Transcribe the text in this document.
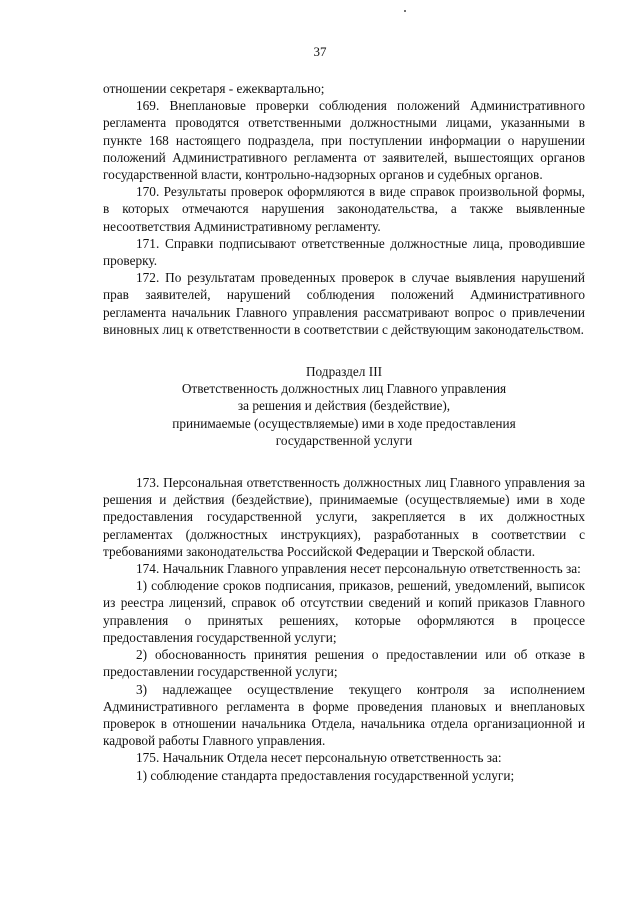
37

отношении секретаря - ежеквартально;

169. Внеплановые проверки соблюдения положений Административного регламента проводятся ответственными должностными лицами, указанными в пункте 168 настоящего подраздела, при поступлении информации о нарушении положений Административного регламента от заявителей, вышестоящих органов государственной власти, контрольно-надзорных органов и судебных органов.

170. Результаты проверок оформляются в виде справок произвольной формы, в которых отмечаются нарушения законодательства, а также выявленные несоответствия Административному регламенту.

171. Справки подписывают ответственные должностные лица, проводившие проверку.

172. По результатам проведенных проверок в случае выявления нарушений прав заявителей, нарушений соблюдения положений Административного регламента начальник Главного управления рассматривают вопрос о привлечении виновных лиц к ответственности в соответствии с действующим законодательством.

Подраздел III
Ответственность должностных лиц Главного управления
за решения и действия (бездействие),
принимаемые (осуществляемые) ими в ходе предоставления
государственной услуги

173. Персональная ответственность должностных лиц Главного управления за решения и действия (бездействие), принимаемые (осуществляемые) ими в ходе предоставления государственной услуги, закрепляется в их должностных регламентах (должностных инструкциях), разработанных в соответствии с требованиями законодательства Российской Федерации и Тверской области.

174. Начальник Главного управления несет персональную ответственность за:

1) соблюдение сроков подписания, приказов, решений, уведомлений, выписок из реестра лицензий, справок об отсутствии сведений и копий приказов Главного управления о принятых решениях, которые оформляются в процессе предоставления государственной услуги;

2) обоснованность принятия решения о предоставлении или об отказе в предоставлении государственной услуги;

3) надлежащее осуществление текущего контроля за исполнением Административного регламента в форме проведения плановых и внеплановых проверок в отношении начальника Отдела, начальника отдела организационной и кадровой работы Главного управления.

175. Начальник Отдела несет персональную ответственность за:

1) соблюдение стандарта предоставления государственной услуги;
